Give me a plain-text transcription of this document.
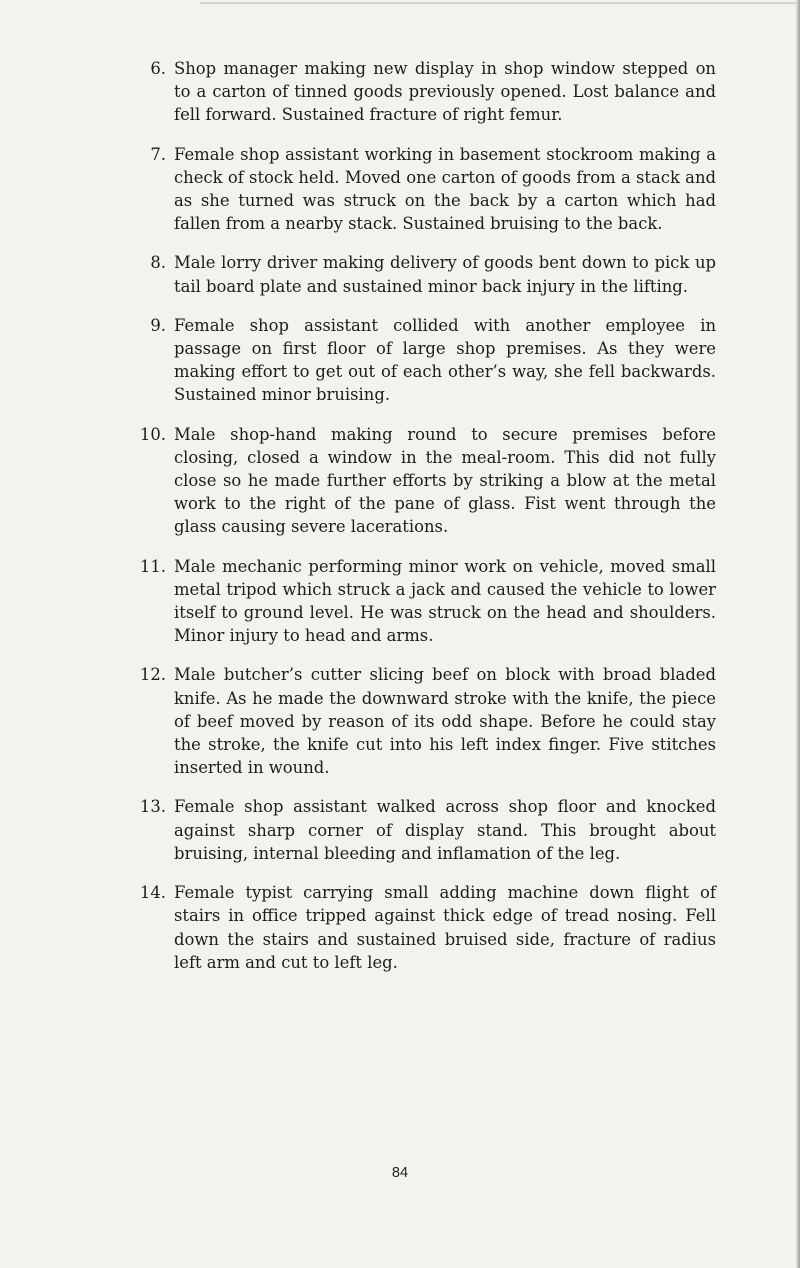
6. Shop manager making new display in shop window stepped on to a carton of tinned goods previously opened. Lost balance and fell forward. Sustained fracture of right femur.
7. Female shop assistant working in basement stockroom making a check of stock held. Moved one carton of goods from a stack and as she turned was struck on the back by a carton which had fallen from a nearby stack. Sustained bruising to the back.
8. Male lorry driver making delivery of goods bent down to pick up tail board plate and sustained minor back injury in the lifting.
9. Female shop assistant collided with another employee in passage on first floor of large shop premises. As they were making effort to get out of each other’s way, she fell backwards. Sustained minor bruising.
10. Male shop-hand making round to secure premises before closing, closed a window in the meal-room. This did not fully close so he made further efforts by striking a blow at the metal work to the right of the pane of glass. Fist went through the glass causing severe lacerations.
11. Male mechanic performing minor work on vehicle, moved small metal tripod which struck a jack and caused the vehicle to lower itself to ground level. He was struck on the head and shoulders. Minor injury to head and arms.
12. Male butcher’s cutter slicing beef on block with broad bladed knife. As he made the downward stroke with the knife, the piece of beef moved by reason of its odd shape. Before he could stay the stroke, the knife cut into his left index finger. Five stitches inserted in wound.
13. Female shop assistant walked across shop floor and knocked against sharp corner of display stand. This brought about bruising, internal bleeding and inflamation of the leg.
14. Female typist carrying small adding machine down flight of stairs in office tripped against thick edge of tread nosing. Fell down the stairs and sustained bruised side, fracture of radius left arm and cut to left leg.
84
